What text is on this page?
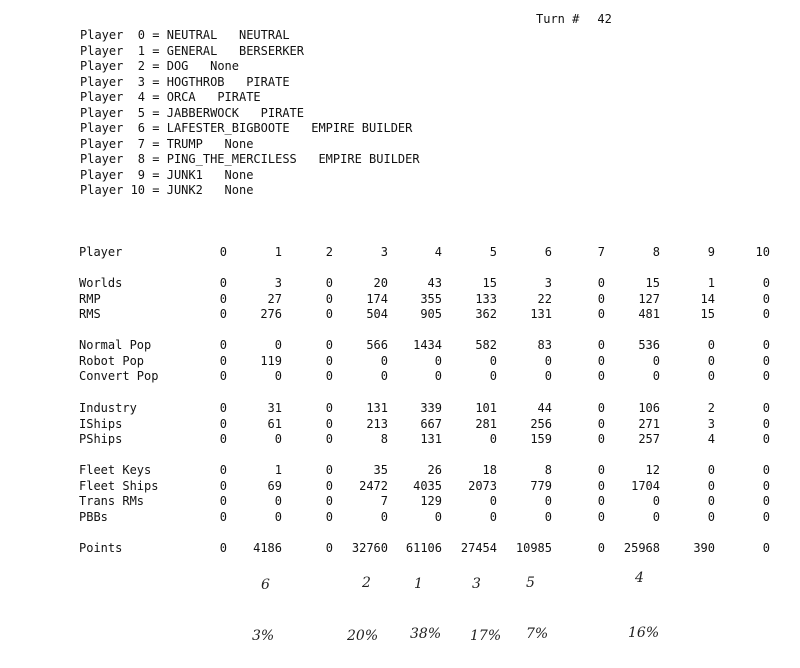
Turn # 42
Player  0 = NEUTRAL NEUTRAL
Player  1 = GENERAL BERSERKER
Player  2 = DOG None
Player  3 = HOGTHROB PIRATE
Player  4 = ORCA PIRATE
Player  5 = JABBERWOCK PIRATE
Player  6 = LAFESTER_BIGBOOTE EMPIRE BUILDER
Player  7 = TRUMP None
Player  8 = PING_THE_MERCILESS EMPIRE BUILDER
Player  9 = JUNK1 None
Player 10 = JUNK2 None
Player	0	1	2	3	4	5	6	7	8	9	10
Worlds	0	3	0	20	43	15	3	0	15	1	0
RMP	0	27	0	174	355	133	22	0	127	14	0
RMS	0	276	0	504	905	362	131	0	481	15	0
Normal Pop	0	0	0	566	1434	582	83	0	536	0	0
Robot Pop	0	119	0	0	0	0	0	0	0	0	0
Convert Pop	0	0	0	0	0	0	0	0	0	0	0
Industry	0	31	0	131	339	101	44	0	106	2	0
IShips	0	61	0	213	667	281	256	0	271	3	0
PShips	0	0	0	8	131	0	159	0	257	4	0
Fleet Keys	0	1	0	35	26	18	8	0	12	0	0
Fleet Ships	0	69	0	2472	4035	2073	779	0	1704	0	0
Trans RMs	0	0	0	7	129	0	0	0	0	0	0
PBBs	0	0	0	0	0	0	0	0	0	0	0
Points	0	4186	0	32760	61106	27454	10985	0	25968	390	0
6	2	1	3	5	4
3%	20% 38% 17% 7%	16%
